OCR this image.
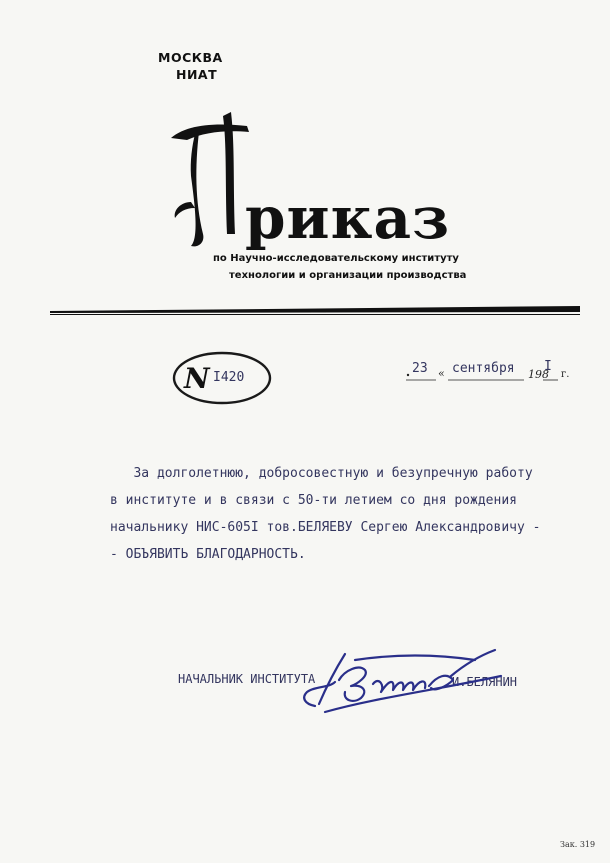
МОСКВА
НИАТ
П риказ
по Научно-исследовательскому институту
технологии и организации производства
N I420
23 « сентября 198
I
г.
За долголетнюю, добросовестную и безупречную работу
в институте и в связи с 50-ти летием со дня рождения
начальнику НИС-605I тов.БЕЛЯЕВУ Сергею Александровичу -
- ОБЪЯВИТЬ БЛАГОДАРНОСТЬ.
НАЧАЛЬНИК ИНСТИТУТА	И.БЕЛЯНИН
Зак. 319
